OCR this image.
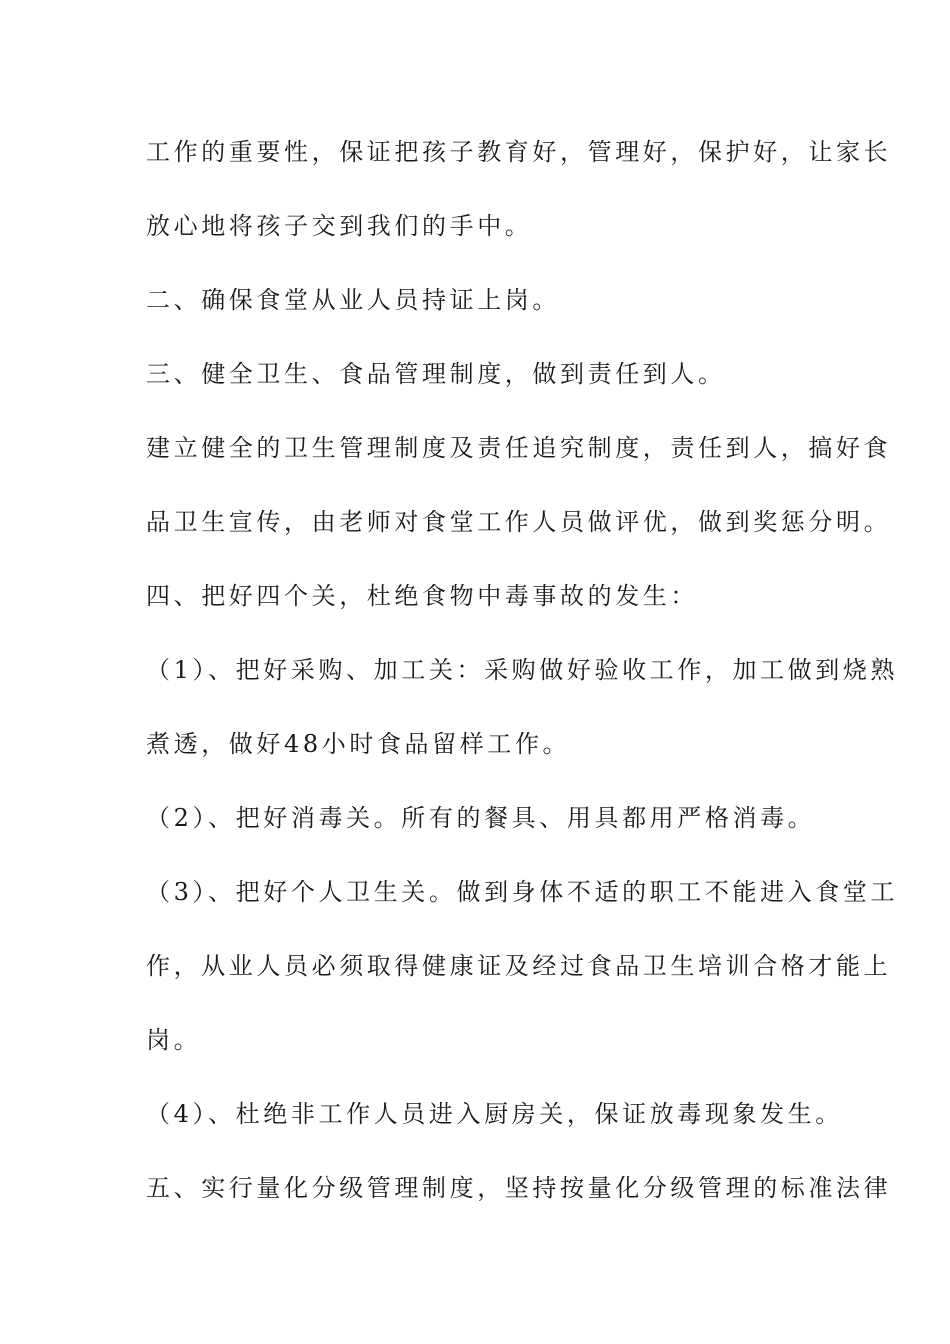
工作的重要性，保证把孩子教育好，管理好，保护好，让家长
放心地将孩子交到我们的手中。
二、确保食堂从业人员持证上岗。
三、健全卫生、食品管理制度，做到责任到人。
建立健全的卫生管理制度及责任追究制度，责任到人，搞好食
品卫生宣传，由老师对食堂工作人员做评优，做到奖惩分明。
四、把好四个关，杜绝食物中毒事故的发生：
（1）、把好采购、加工关：采购做好验收工作，加工做到烧熟
煮透，做好48小时食品留样工作。
（2）、把好消毒关。所有的餐具、用具都用严格消毒。
（3）、把好个人卫生关。做到身体不适的职工不能进入食堂工
作，从业人员必须取得健康证及经过食品卫生培训合格才能上
岗。
（4）、杜绝非工作人员进入厨房关，保证放毒现象发生。
五、实行量化分级管理制度，坚持按量化分级管理的标准法律
